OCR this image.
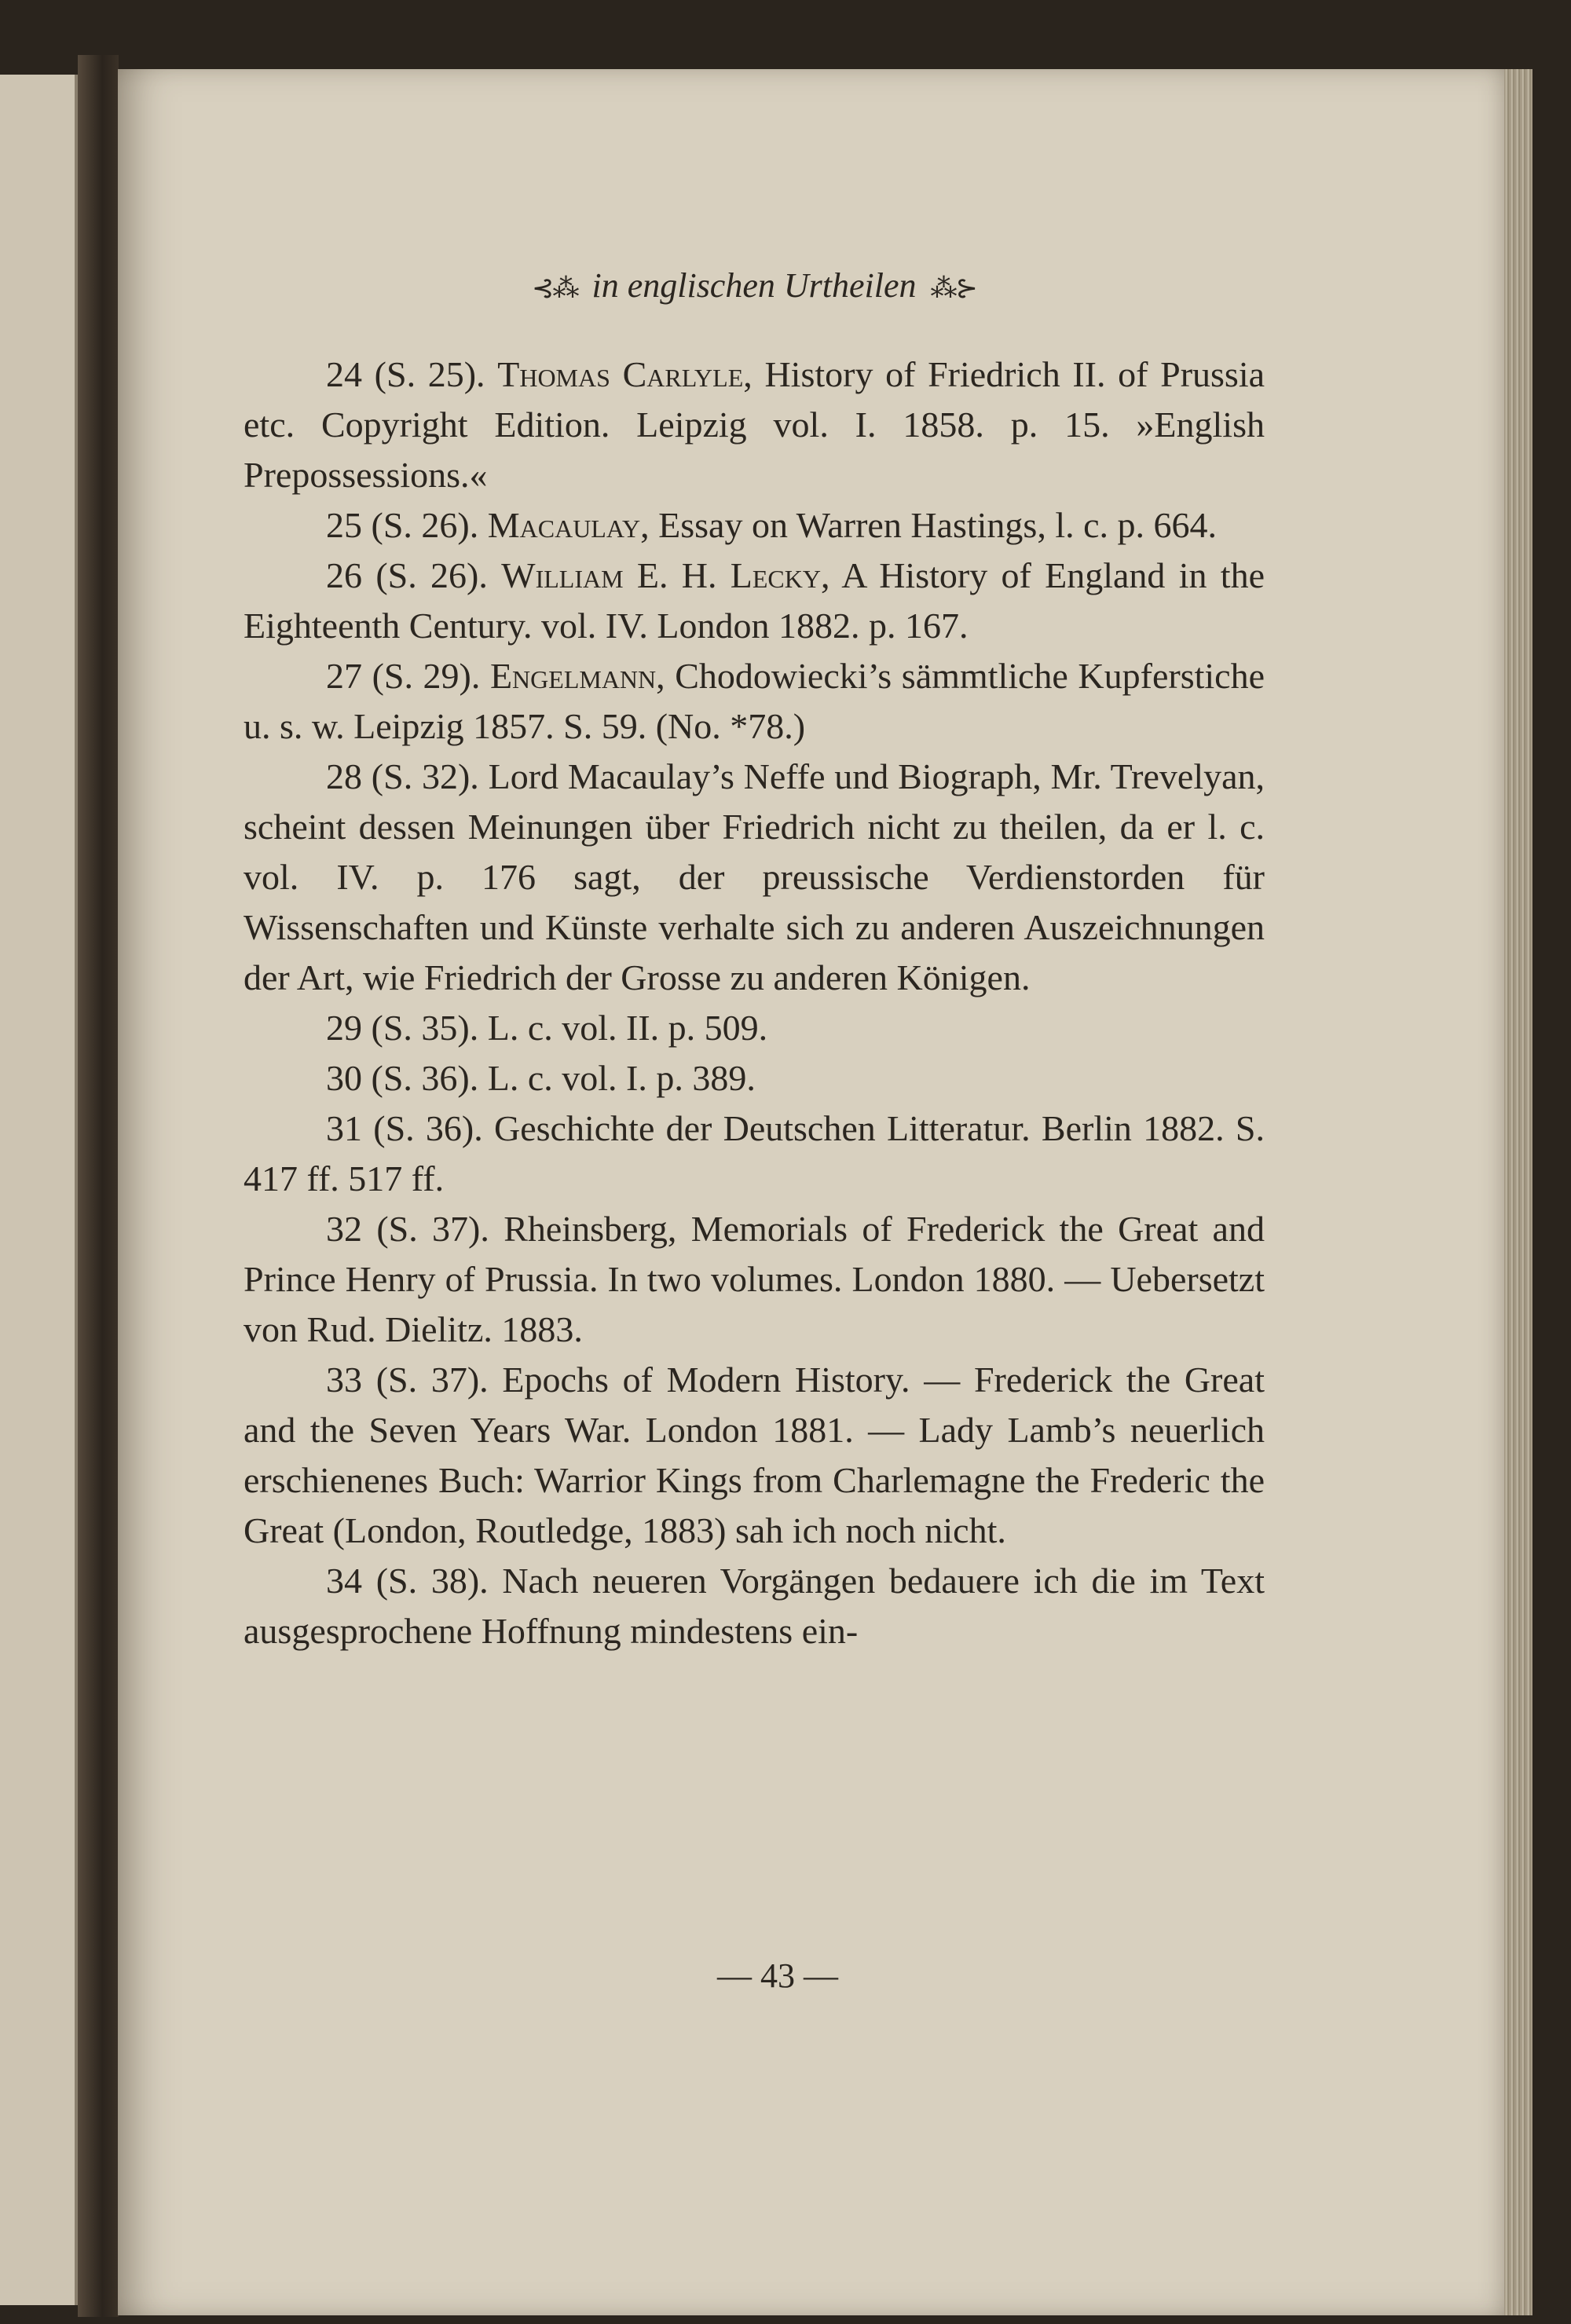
⊰⁂ in englischen Urtheilen ⁂⊱

24 (S. 25). Thomas Carlyle, History of Friedrich II. of Prussia etc. Copyright Edition. Leipzig vol. I. 1858. p. 15. »English Prepossessions.«

25 (S. 26). Macaulay, Essay on Warren Hastings, l. c. p. 664.

26 (S. 26). William E. H. Lecky, A History of England in the Eighteenth Century. vol. IV. London 1882. p. 167.

27 (S. 29). Engelmann, Chodowiecki’s sämmtliche Kupferstiche u. s. w. Leipzig 1857. S. 59. (No. *78.)

28 (S. 32). Lord Macaulay’s Neffe und Biograph, Mr. Trevelyan, scheint dessen Meinungen über Friedrich nicht zu theilen, da er l. c. vol. IV. p. 176 sagt, der preussische Verdienstorden für Wissenschaften und Künste verhalte sich zu anderen Auszeichnungen der Art, wie Friedrich der Grosse zu anderen Königen.

29 (S. 35). L. c. vol. II. p. 509.

30 (S. 36). L. c. vol. I. p. 389.

31 (S. 36). Geschichte der Deutschen Litteratur. Berlin 1882. S. 417 ff. 517 ff.

32 (S. 37). Rheinsberg, Memorials of Frederick the Great and Prince Henry of Prussia. In two volumes. London 1880. — Uebersetzt von Rud. Dielitz. 1883.

33 (S. 37). Epochs of Modern History. — Frederick the Great and the Seven Years War. London 1881. — Lady Lamb’s neuerlich erschienenes Buch: Warrior Kings from Charlemagne the Frederic the Great (London, Routledge, 1883) sah ich noch nicht.

34 (S. 38). Nach neueren Vorgängen bedauere ich die im Text ausgesprochene Hoffnung mindestens ein-

— 43 —
